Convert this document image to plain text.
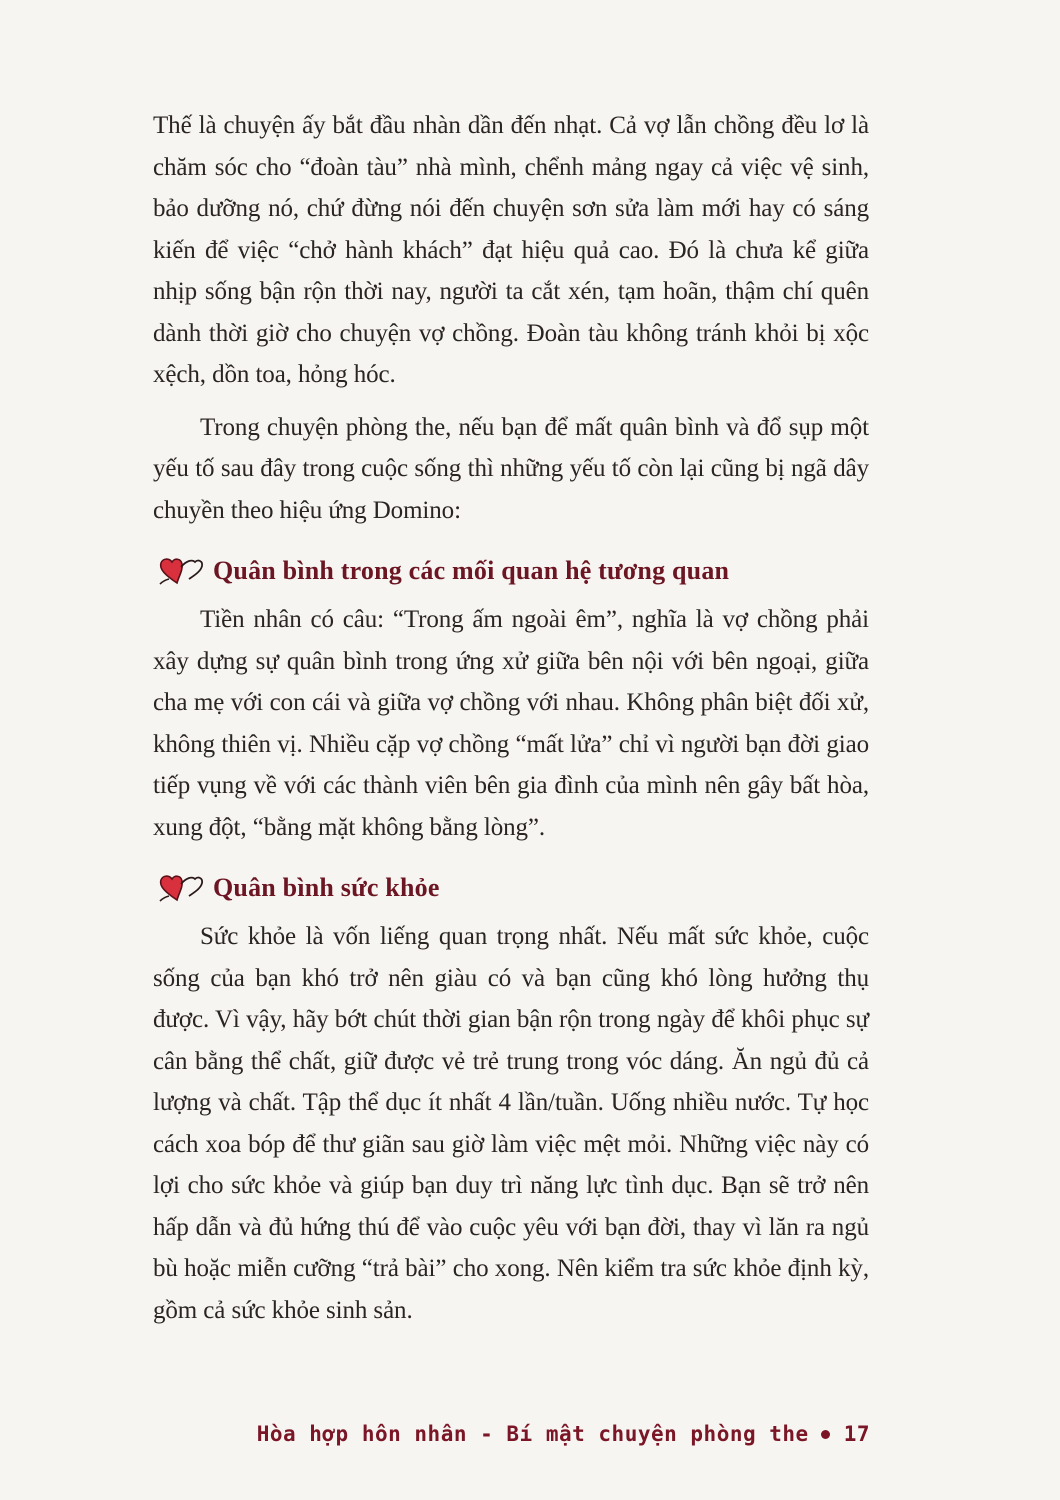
Thế là chuyện ấy bắt đầu nhàn dần đến nhạt. Cả vợ lẫn chồng đều lơ là chăm sóc cho “đoàn tàu” nhà mình, chểnh mảng ngay cả việc vệ sinh, bảo dưỡng nó, chứ đừng nói đến chuyện sơn sửa làm mới hay có sáng kiến để việc “chở hành khách” đạt hiệu quả cao. Đó là chưa kể giữa nhịp sống bận rộn thời nay, người ta cắt xén, tạm hoãn, thậm chí quên dành thời giờ cho chuyện vợ chồng. Đoàn tàu không tránh khỏi bị xộc xệch, dồn toa, hỏng hóc.

Trong chuyện phòng the, nếu bạn để mất quân bình và đổ sụp một yếu tố sau đây trong cuộc sống thì những yếu tố còn lại cũng bị ngã dây chuyền theo hiệu ứng Domino:

Quân bình trong các mối quan hệ tương quan

Tiền nhân có câu: “Trong ấm ngoài êm”, nghĩa là vợ chồng phải xây dựng sự quân bình trong ứng xử giữa bên nội với bên ngoại, giữa cha mẹ với con cái và giữa vợ chồng với nhau. Không phân biệt đối xử, không thiên vị. Nhiều cặp vợ chồng “mất lửa” chỉ vì người bạn đời giao tiếp vụng về với các thành viên bên gia đình của mình nên gây bất hòa, xung đột, “bằng mặt không bằng lòng”.

Quân bình sức khỏe

Sức khỏe là vốn liếng quan trọng nhất. Nếu mất sức khỏe, cuộc sống của bạn khó trở nên giàu có và bạn cũng khó lòng hưởng thụ được. Vì vậy, hãy bớt chút thời gian bận rộn trong ngày để khôi phục sự cân bằng thể chất, giữ được vẻ trẻ trung trong vóc dáng. Ăn ngủ đủ cả lượng và chất. Tập thể dục ít nhất 4 lần/tuần. Uống nhiều nước. Tự học cách xoa bóp để thư giãn sau giờ làm việc mệt mỏi. Những việc này có lợi cho sức khỏe và giúp bạn duy trì năng lực tình dục. Bạn sẽ trở nên hấp dẫn và đủ hứng thú để vào cuộc yêu với bạn đời, thay vì lăn ra ngủ bù hoặc miễn cưỡng “trả bài” cho xong. Nên kiểm tra sức khỏe định kỳ, gồm cả sức khỏe sinh sản.

Hòa hợp hôn nhân - Bí mật chuyện phòng the 17
